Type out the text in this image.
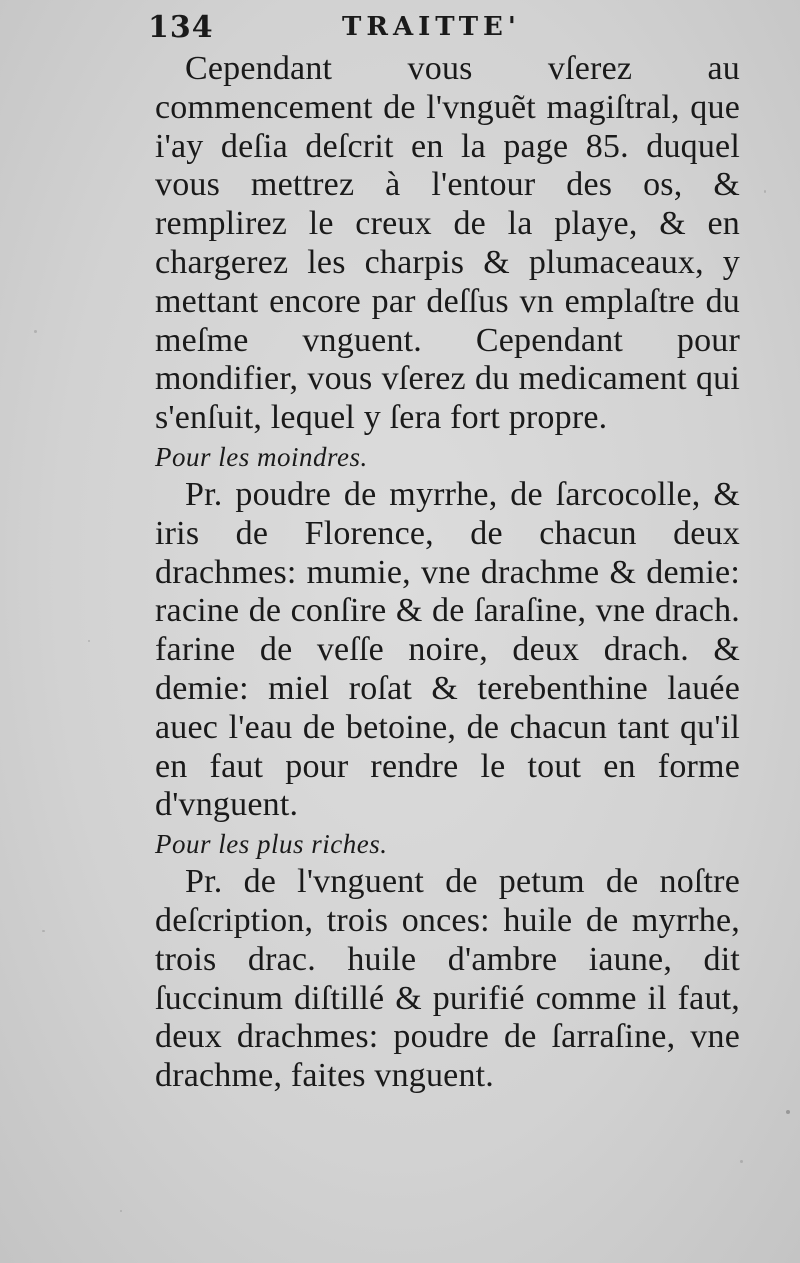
134	TRAITTE'

Cependant vous vſerez au commencement de l'vnguẽt magiſtral, que i'ay deſia deſcrit en la page 85. duquel vous mettrez à l'entour des os, & remplirez le creux de la playe, & en chargerez les charpis & plumaceaux, y mettant encore par deſſus vn emplaſtre du meſme vnguent. Cependant pour mondifier, vous vſerez du medicament qui s'enſuit, lequel y ſera fort propre.

Pour les moindres.

Pr. poudre de myrrhe, de ſarcocolle, & iris de Florence, de chacun deux drachmes: mumie, vne drachme & demie: racine de conſire & de ſaraſine, vne drach. farine de veſſe noire, deux drach. & demie: miel roſat & terebenthine lauée auec l'eau de betoine, de chacun tant qu'il en faut pour rendre le tout en forme d'vnguent.

Pour les plus riches.

Pr. de l'vnguent de petum de noſtre deſcription, trois onces: huile de myrrhe, trois drac. huile d'ambre iaune, dit ſuccinum diſtillé & purifié comme il faut, deux drachmes: poudre de ſarraſine, vne drachme, faites vnguent.
